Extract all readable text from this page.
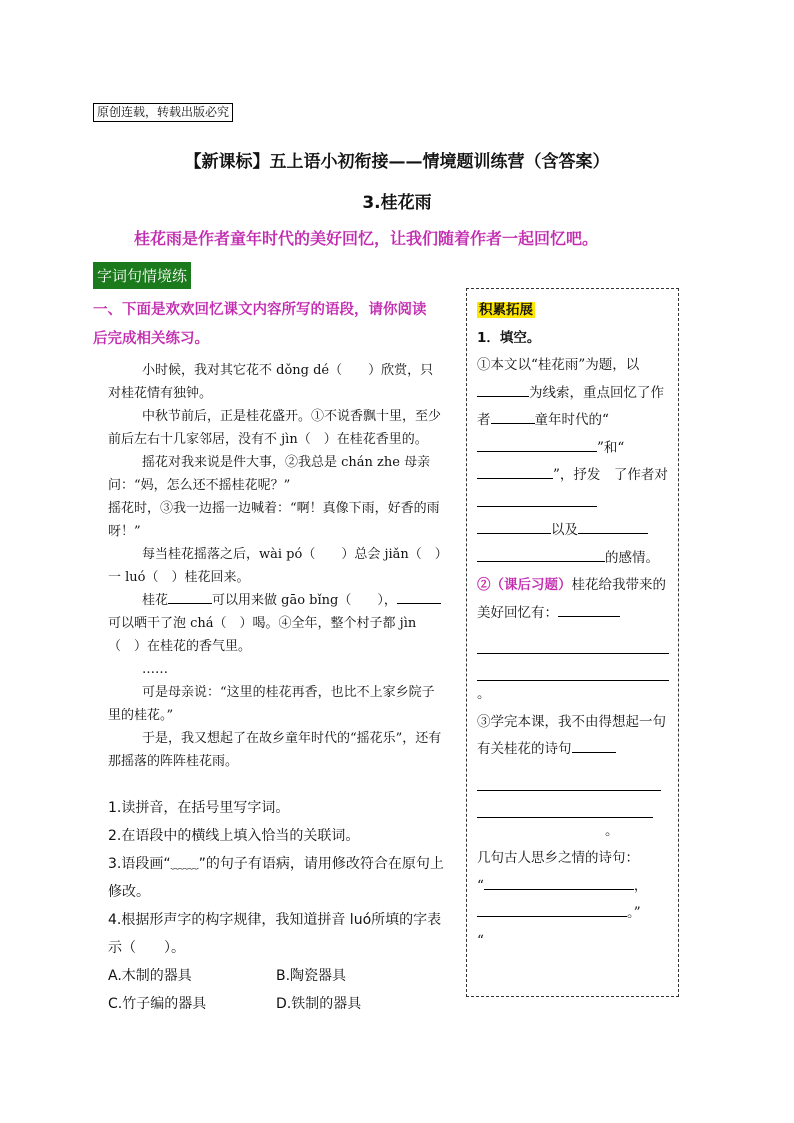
原创连载，转载出版必究
【新课标】五上语小初衔接——情境题训练营（含答案）
3.桂花雨
桂花雨是作者童年时代的美好回忆，让我们随着作者一起回忆吧。
字词句情境练
一、下面是欢欢回忆课文内容所写的语段，请你阅读后完成相关练习。

小时候，我对其它花不 dǒng dé（　　）欣赏，只对桂花情有独钟。

中秋节前后，正是桂花盛开。①不说香飘十里，至少前后左右十几家邻居，没有不 jìn（　）在桂花香里的。

摇花对我来说是件大事，②我总是 chán zhe 母亲问：“妈，怎么还不摇桂花呢？”

摇花时，③我一边摇一边喊着：“啊！真像下雨，好香的雨呀！”

每当桂花摇落之后，wài pó（　　）总会 jiǎn（　）一 luó（　）桂花回来。

桂花	可以用来做 gāo bǐng（　　），可以晒干了泡 chá（　）喝。④全年，整个村子都 jìn（　）在桂花的香气里。

……

可是母亲说：“这里的桂花再香，也比不上家乡院子里的桂花。”

于是，我又想起了在故乡童年时代的“摇花乐”，还有那摇落的阵阵桂花雨。

1.读拼音，在括号里写字词。

2.在语段中的横线上填入恰当的关联词。

3.语段画“﹏﹏”的句子有语病，请用修改符合在原句上修改。

4.根据形声字的构字规律，我知道拼音 luó所填的字表示（　　）。

A.木制的器具	B.陶瓷器具
C.竹子编的器具	D.铁制的器具

积累拓展

1．填空。

①本文以“桂花雨”为题，以为线索，重点回忆了作者	童年时代的“”和“”，抒发　了作者对以及的感情。

②（课后习题）桂花给我带来的美好回忆有：

。

③学完本课，我不由得想起一句有关桂花的诗句

。

几句古人思乡之情的诗句：

“	，

。”

“
